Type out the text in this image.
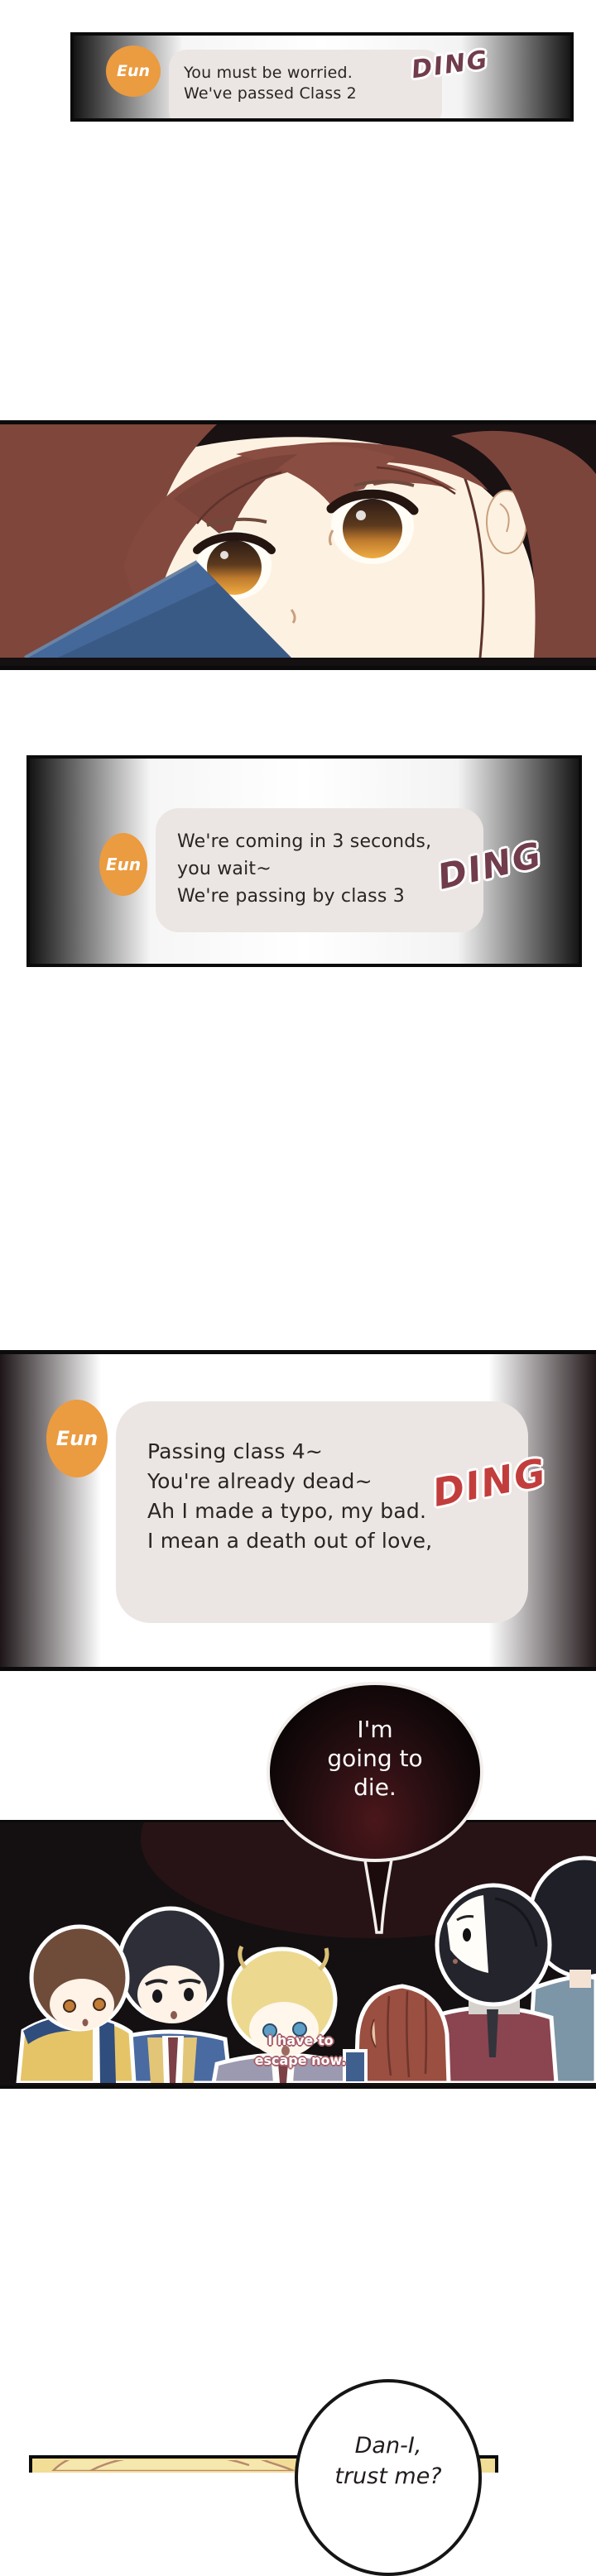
Eun You must be worried.
We've passed Class 2
DING
Eun
We're coming in 3 seconds,
you wait~
We're passing by class 3 DING
Eun
Passing class 4~
You're already dead~
Ah I made a typo, my bad.
I mean a death out of love,
DING
I'm
going to
die.
I have to
escape now.
Dan-I,
trust me?
